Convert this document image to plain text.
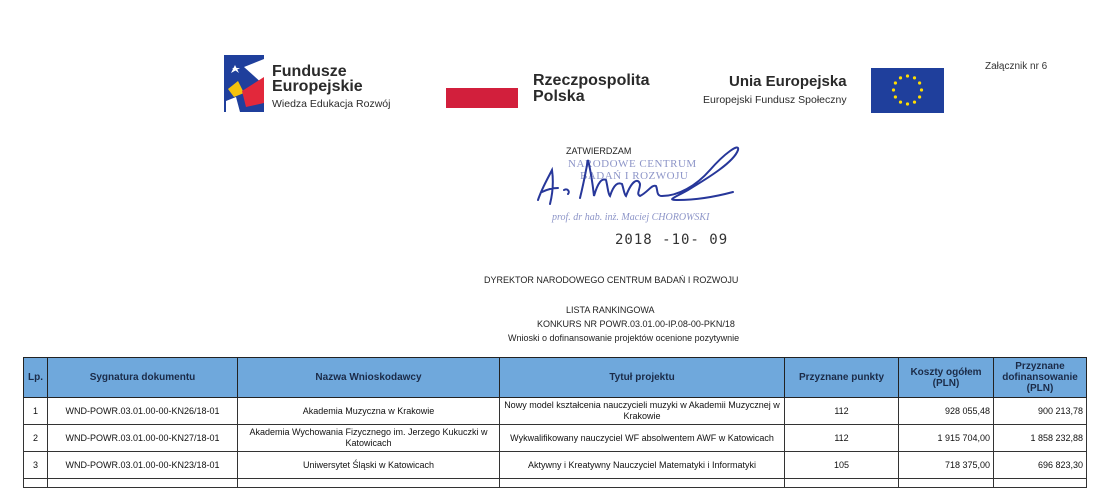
Fundusze
Europejskie
Wiedza Edukacja Rozwój
Rzeczpospolita
Polska
Unia Europejska
Europejski Fundusz Społeczny
Załącznik nr 6
ZATWIERDZAM
NARODOWE CENTRUM
BADAŃ I ROZWOJU
prof. dr hab. inż. Maciej CHOROWSKI
2018 -10- 09
DYREKTOR NARODOWEGO CENTRUM BADAŃ I ROZWOJU
LISTA RANKINGOWA
KONKURS NR POWR.03.01.00-IP.08-00-PKN/18
Wnioski o dofinansowanie projektów ocenione pozytywnie
Lp.	Sygnatura dokumentu	Nazwa Wnioskodawcy	Tytuł projektu	Przyznane punkty	Koszty ogółem (PLN)	Przyznane dofinansowanie (PLN)
1	WND-POWR.03.01.00-00-KN26/18-01	Akademia Muzyczna w Krakowie	Nowy model kształcenia nauczycieli muzyki w Akademii Muzycznej w Krakowie	112	928 055,48	900 213,78
2	WND-POWR.03.01.00-00-KN27/18-01	Akademia Wychowania Fizycznego im. Jerzego Kukuczki w Katowicach	Wykwalifikowany nauczyciel WF absolwentem AWF w Katowicach	112	1 915 704,00	1 858 232,88
3	WND-POWR.03.01.00-00-KN23/18-01	Uniwersytet Śląski w Katowicach	Aktywny i Kreatywny Nauczyciel Matematyki i Informatyki	105	718 375,00	696 823,30
